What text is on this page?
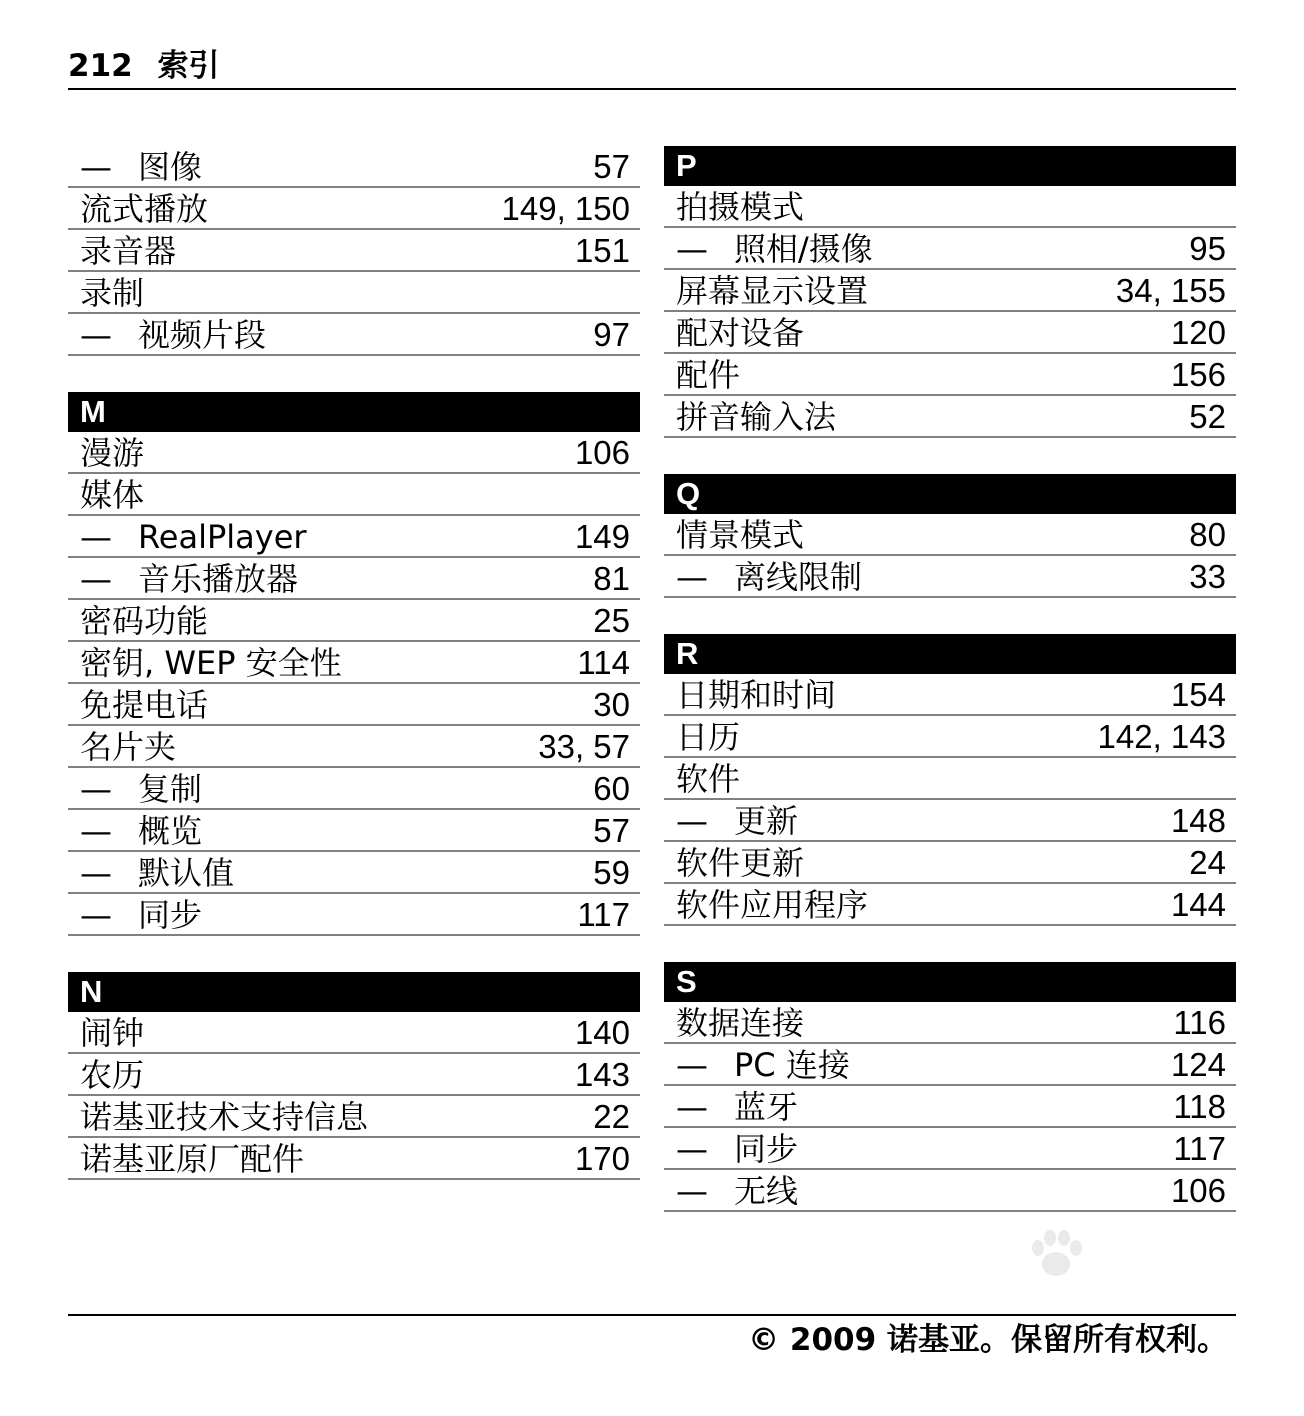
212 索引
— 图像	57
流式播放	149, 150
录音器	151
录制
— 视频片段	97
M
漫游	106
媒体
— RealPlayer	149
— 音乐播放器	81
密码功能	25
密钥, WEP 安全性	114
免提电话	30
名片夹	33, 57
— 复制	60
— 概览	57
— 默认值	59
— 同步	117
N
闹钟	140
农历	143
诺基亚技术支持信息	22
诺基亚原厂配件	170
P
拍摄模式
— 照相/摄像	95
屏幕显示设置	34, 155
配对设备	120
配件	156
拼音输入法	52
Q
情景模式	80
— 离线限制	33
R
日期和时间	154
日历	142, 143
软件
— 更新	148
软件更新	24
软件应用程序	144
S
数据连接	116
— PC 连接	124
— 蓝牙	118
— 同步	117
— 无线	106
© 2009 诺基亚。保留所有权利。
